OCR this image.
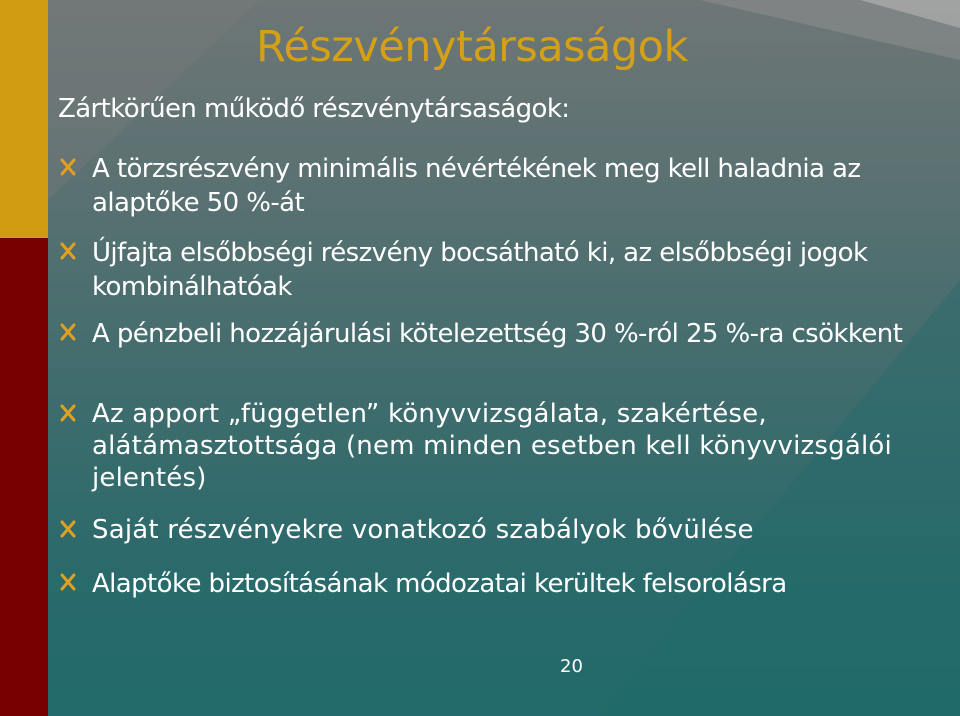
Részvénytársaságok

Zártkörűen működő részvénytársaságok:

A törzsrészvény minimális névértékének meg kell haladnia az alaptőke 50 %-át
Újfajta elsőbbségi részvény bocsátható ki, az elsőbbségi jogok kombinálhatóak
A pénzbeli hozzájárulási kötelezettség 30 %-ról 25 %-ra csökkent
Az apport „független” könyvvizsgálata, szakértése, alátámasztottsága (nem minden esetben kell könyvvizsgálói jelentés)
Saját részvényekre vonatkozó szabályok bővülése
Alaptőke biztosításának módozatai kerültek felsorolásra
20
